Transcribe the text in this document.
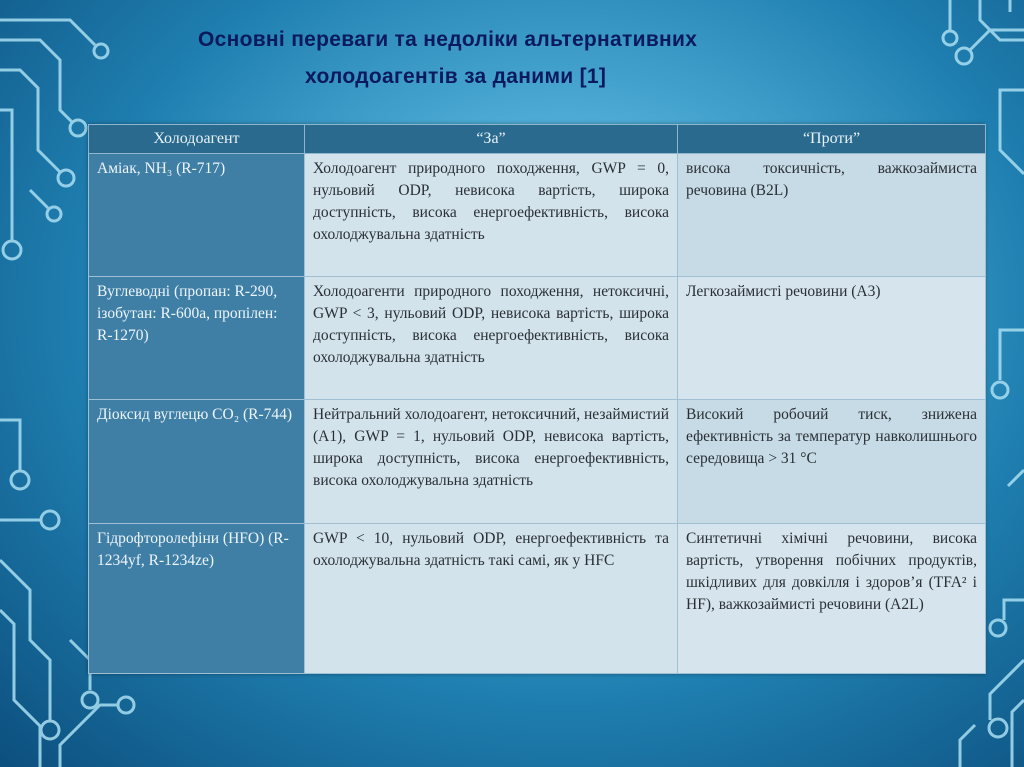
Основні переваги та недоліки альтернативних
холодоагентів за даними [1]
Холодоагент	“За”	“Проти”
Аміак, NH₃ (R-717)	Холодоагент природного походження, GWP = 0, нульовий ODP, невисока вартість, широка доступність, висока енергоефективність, висока охолоджувальна здатність	висока токсичність, важкозаймиста речовина (B2L)
Вуглеводні (пропан: R-290, ізобутан: R-600a, пропілен: R-1270)	Холодоагенти природного походження, нетоксичні, GWP < 3, нульовий ODP, невисока вартість, широка доступність, висока енергоефективність, висока охолоджувальна здатність	Легкозаймисті речовини (A3)
Діоксид вуглецю CO₂ (R-744)	Нейтральний холодоагент, нетоксичний, незаймистий (A1), GWP = 1, нульовий ODP, невисока вартість, широка доступність, висока енергоефективність, висока охолоджувальна здатність	Високий робочий тиск, знижена ефективність за температур навколишнього середовища > 31 °C
Гідрофторолефіни (HFO) (R-1234yf, R-1234ze)	GWP < 10, нульовий ODP, енергоефективність та охолоджувальна здатність такі самі, як у HFC	Синтетичні хімічні речовини, висока вартість, утворення побічних продуктів, шкідливих для довкілля і здоров’я (TFA² і HF), важкозаймисті речовини (A2L)
